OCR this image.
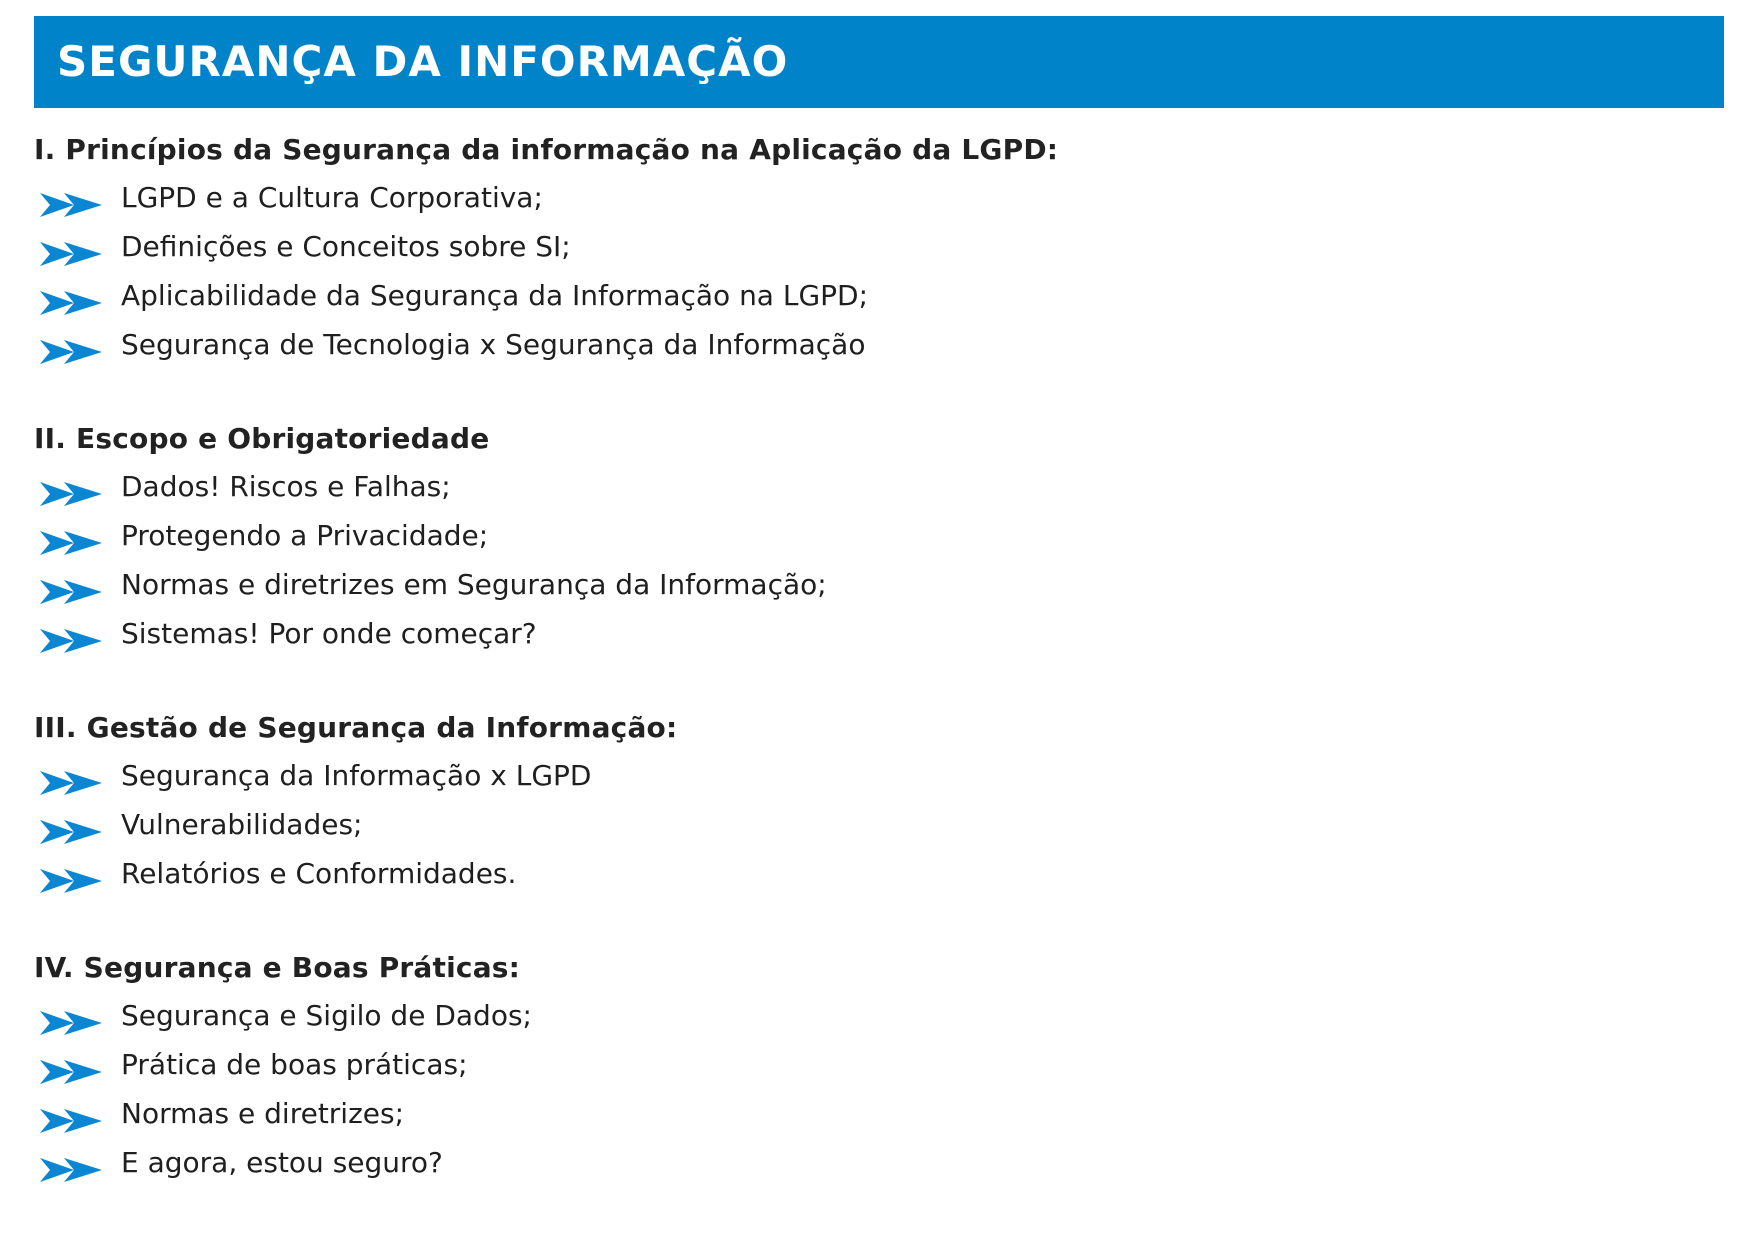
SEGURANÇA DA INFORMAÇÃO
I. Princípios da Segurança da informação na Aplicação da LGPD:
LGPD e a Cultura Corporativa;
Definições e Conceitos sobre SI;
Aplicabilidade da Segurança da Informação na LGPD;
Segurança de Tecnologia x Segurança da Informação
II. Escopo e Obrigatoriedade
Dados! Riscos e Falhas;
Protegendo a Privacidade;
Normas e diretrizes em Segurança da Informação;
Sistemas! Por onde começar?
III. Gestão de Segurança da Informação:
Segurança da Informação x LGPD
Vulnerabilidades;
Relatórios e Conformidades.
IV. Segurança e Boas Práticas:
Segurança e Sigilo de Dados;
Prática de boas práticas;
Normas e diretrizes;
E agora, estou seguro?
